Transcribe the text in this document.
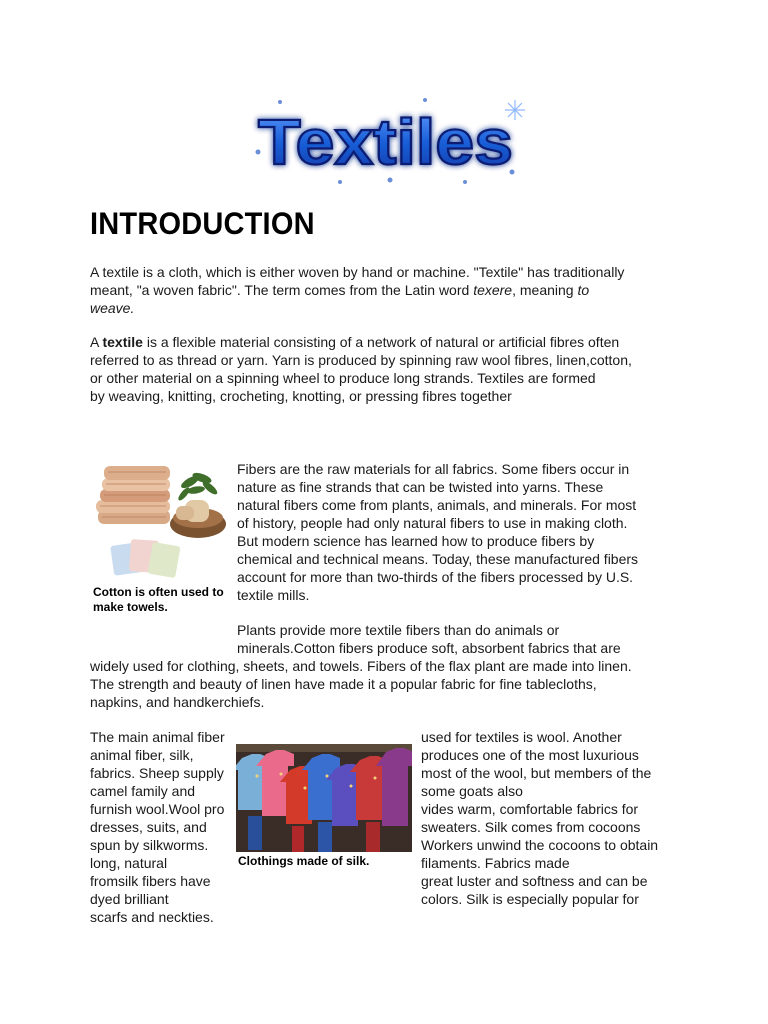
Textiles
INTRODUCTION

A textile is a cloth, which is either woven by hand or machine. "Textile" has traditionally
meant, "a woven fabric". The term comes from the Latin word texere, meaning to
weave.

A textile is a flexible material consisting of a network of natural or artificial fibres often
referred to as thread or yarn. Yarn is produced by spinning raw wool fibres, linen,cotton,
or other material on a spinning wheel to produce long strands. Textiles are formed
by weaving, knitting, crocheting, knotting, or pressing fibres together

Cotton is often used to
make towels.
Fibers are the raw materials for all fabrics. Some fibers occur in
nature as fine strands that can be twisted into yarns. These
natural fibers come from plants, animals, and minerals. For most
of history, people had only natural fibers to use in making cloth.
But modern science has learned how to produce fibers by
chemical and technical means. Today, these manufactured fibers
account for more than two-thirds of the fibers processed by U.S.
textile mills.
Plants provide more textile fibers than do animals or
minerals.Cotton fibers produce soft, absorbent fabrics that are
widely used for clothing, sheets, and towels. Fibers of the flax plant are made into linen.
The strength and beauty of linen have made it a popular fabric for fine tablecloths,
napkins, and handkerchiefs.
The main animal fiber
animal fiber, silk,
fabrics. Sheep supply
camel family and
furnish wool.Wool pro
dresses, suits, and
spun by silkworms.
long, natural
fromsilk fibers have
dyed brilliant
scarfs and neckties.
Clothings made of silk.
used for textiles is wool. Another
produces one of the most luxurious
most of the wool, but members of the
some goats also
vides warm, comfortable fabrics for
sweaters. Silk comes from cocoons
Workers unwind the cocoons to obtain
filaments. Fabrics made
great luster and softness and can be
colors. Silk is especially popular for
